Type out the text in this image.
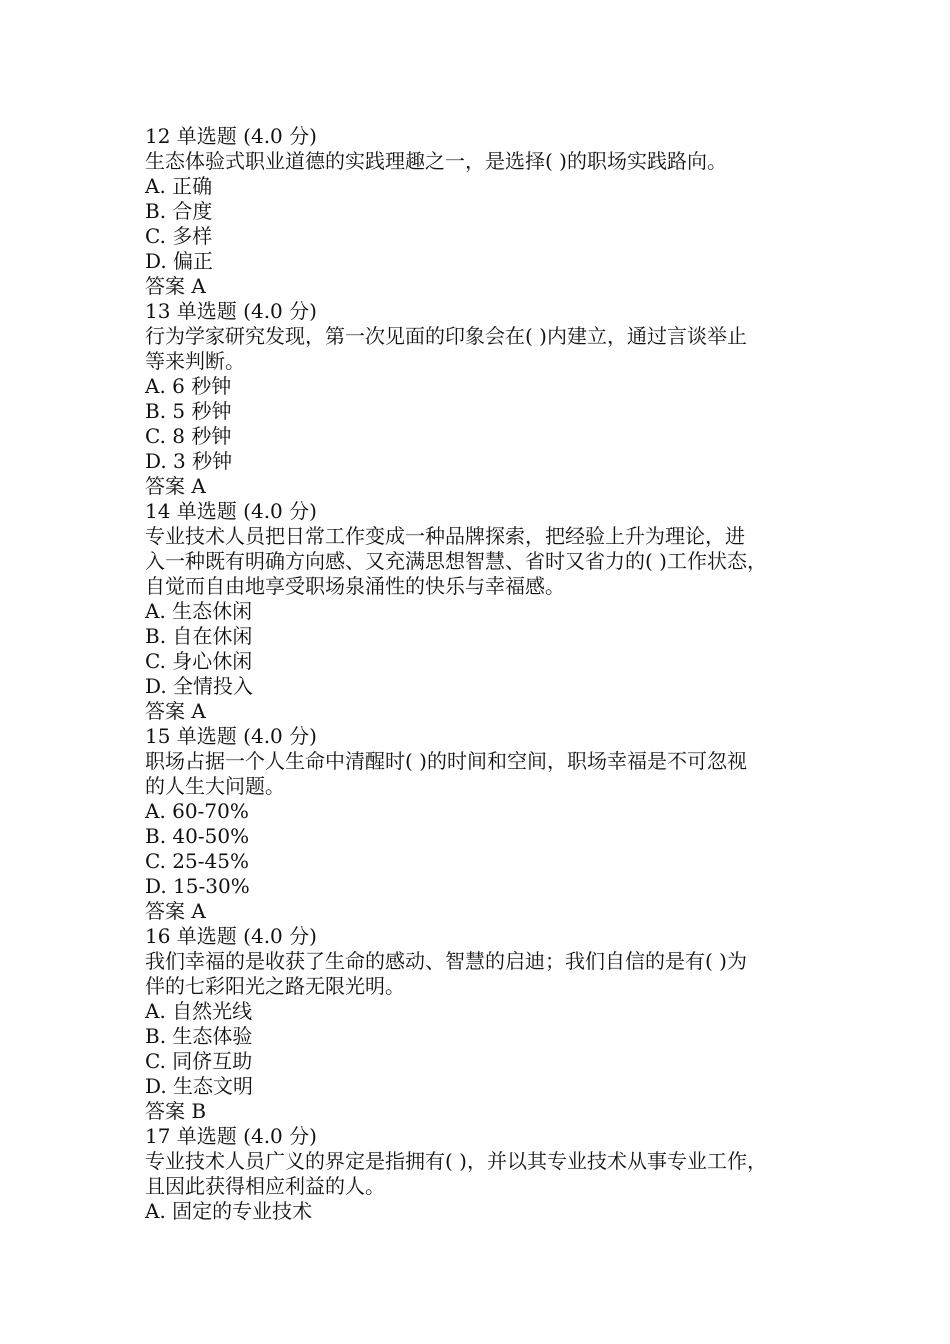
12 单选题 (4.0 分)
生态体验式职业道德的实践理趣之一，是选择( )的职场实践路向。
A. 正确
B. 合度
C. 多样
D. 偏正
答案 A
13 单选题 (4.0 分)
行为学家研究发现，第一次见面的印象会在( )内建立，通过言谈举止
等来判断。
A. 6 秒钟
B. 5 秒钟
C. 8 秒钟
D. 3 秒钟
答案 A
14 单选题 (4.0 分)
专业技术人员把日常工作变成一种品牌探索，把经验上升为理论，进
入一种既有明确方向感、又充满思想智慧、省时又省力的( )工作状态，
自觉而自由地享受职场泉涌性的快乐与幸福感。
A. 生态休闲
B. 自在休闲
C. 身心休闲
D. 全情投入
答案 A
15 单选题 (4.0 分)
职场占据一个人生命中清醒时( )的时间和空间，职场幸福是不可忽视
的人生大问题。
A. 60-70%
B. 40-50%
C. 25-45%
D. 15-30%
答案 A
16 单选题 (4.0 分)
我们幸福的是收获了生命的感动、智慧的启迪；我们自信的是有( )为
伴的七彩阳光之路无限光明。
A. 自然光线
B. 生态体验
C. 同侪互助
D. 生态文明
答案 B
17 单选题 (4.0 分)
专业技术人员广义的界定是指拥有( )，并以其专业技术从事专业工作，
且因此获得相应利益的人。
A. 固定的专业技术
